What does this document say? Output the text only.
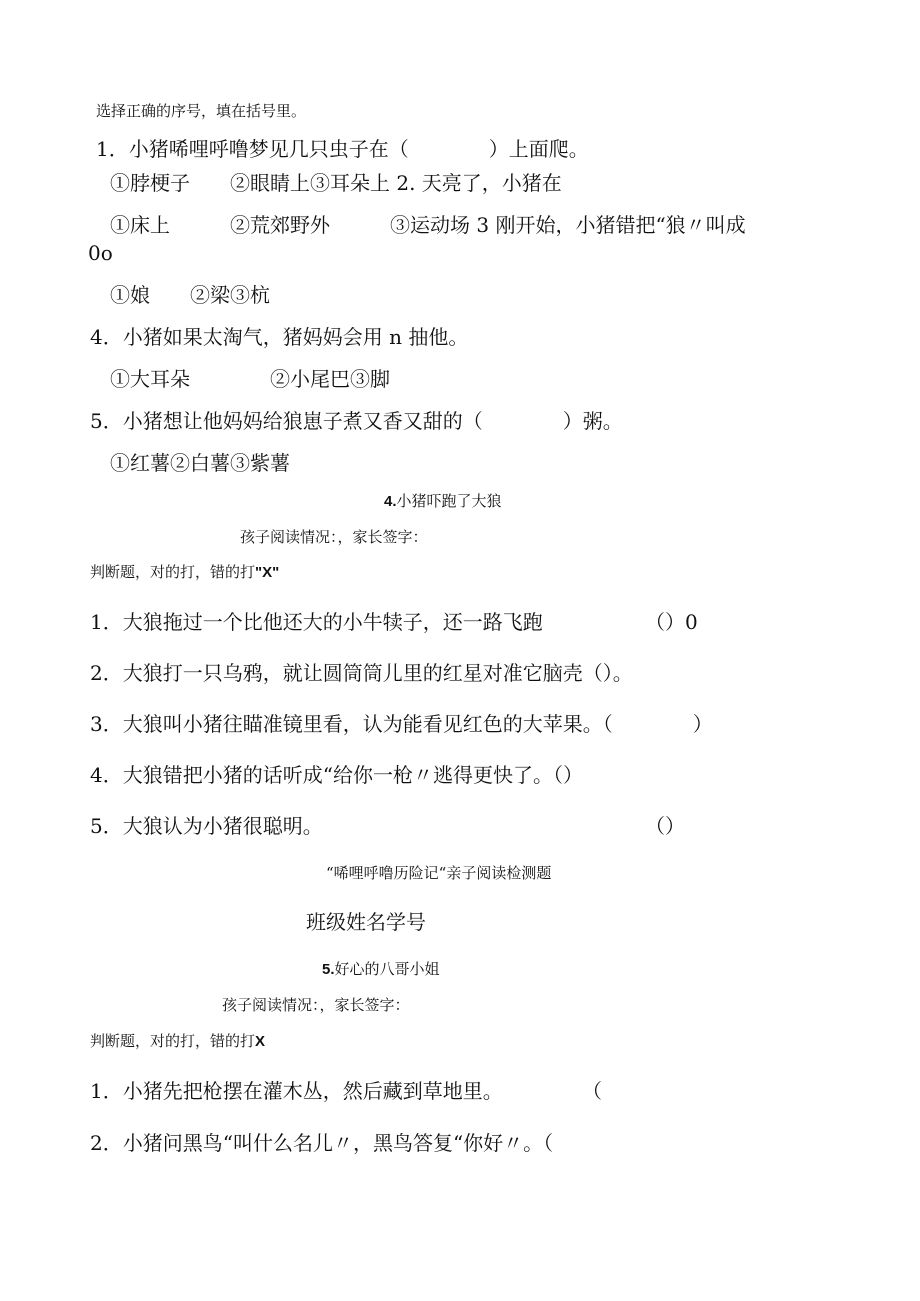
选择正确的序号，填在括号里。
1．小猪唏哩呼噜梦见几只虫子在（　　　　）上面爬。
①脖梗子　　②眼睛上③耳朵上 2. 天亮了，小猪在
①床上　　　②荒郊野外　　　③运动场 3 刚开始，小猪错把“狼〃叫成
0o
①娘　　②梁③杭
4．小猪如果太淘气，猪妈妈会用 n 抽他。
①大耳朵　　　　②小尾巴③脚
5．小猪想让他妈妈给狼崽子煮又香又甜的（　　　　）粥。
①红薯②白薯③紫薯
4.小猪吓跑了大狼
孩子阅读情况：，家长签字：
判断题，对的打，错的打"X"
1．大狼拖过一个比他还大的小牛犊子，还一路飞跑	（）0
2．大狼打一只乌鸦，就让圆筒筒儿里的红星对准它脑壳（）。
3．大狼叫小猪往瞄准镜里看，认为能看见红色的大苹果。（　　　　）
4．大狼错把小猪的话听成“给你一枪〃逃得更快了。（）
5．大狼认为小猪很聪明。	（）
“唏哩呼噜历险记“亲子阅读检测题
班级姓名学号
5.好心的八哥小姐
孩子阅读情况：，家长签字：
判断题，对的打，错的打X
1．小猪先把枪摆在灌木丛，然后藏到草地里。	（
2．小猪问黑鸟“叫什么名儿〃，黑鸟答复“你好〃。（
